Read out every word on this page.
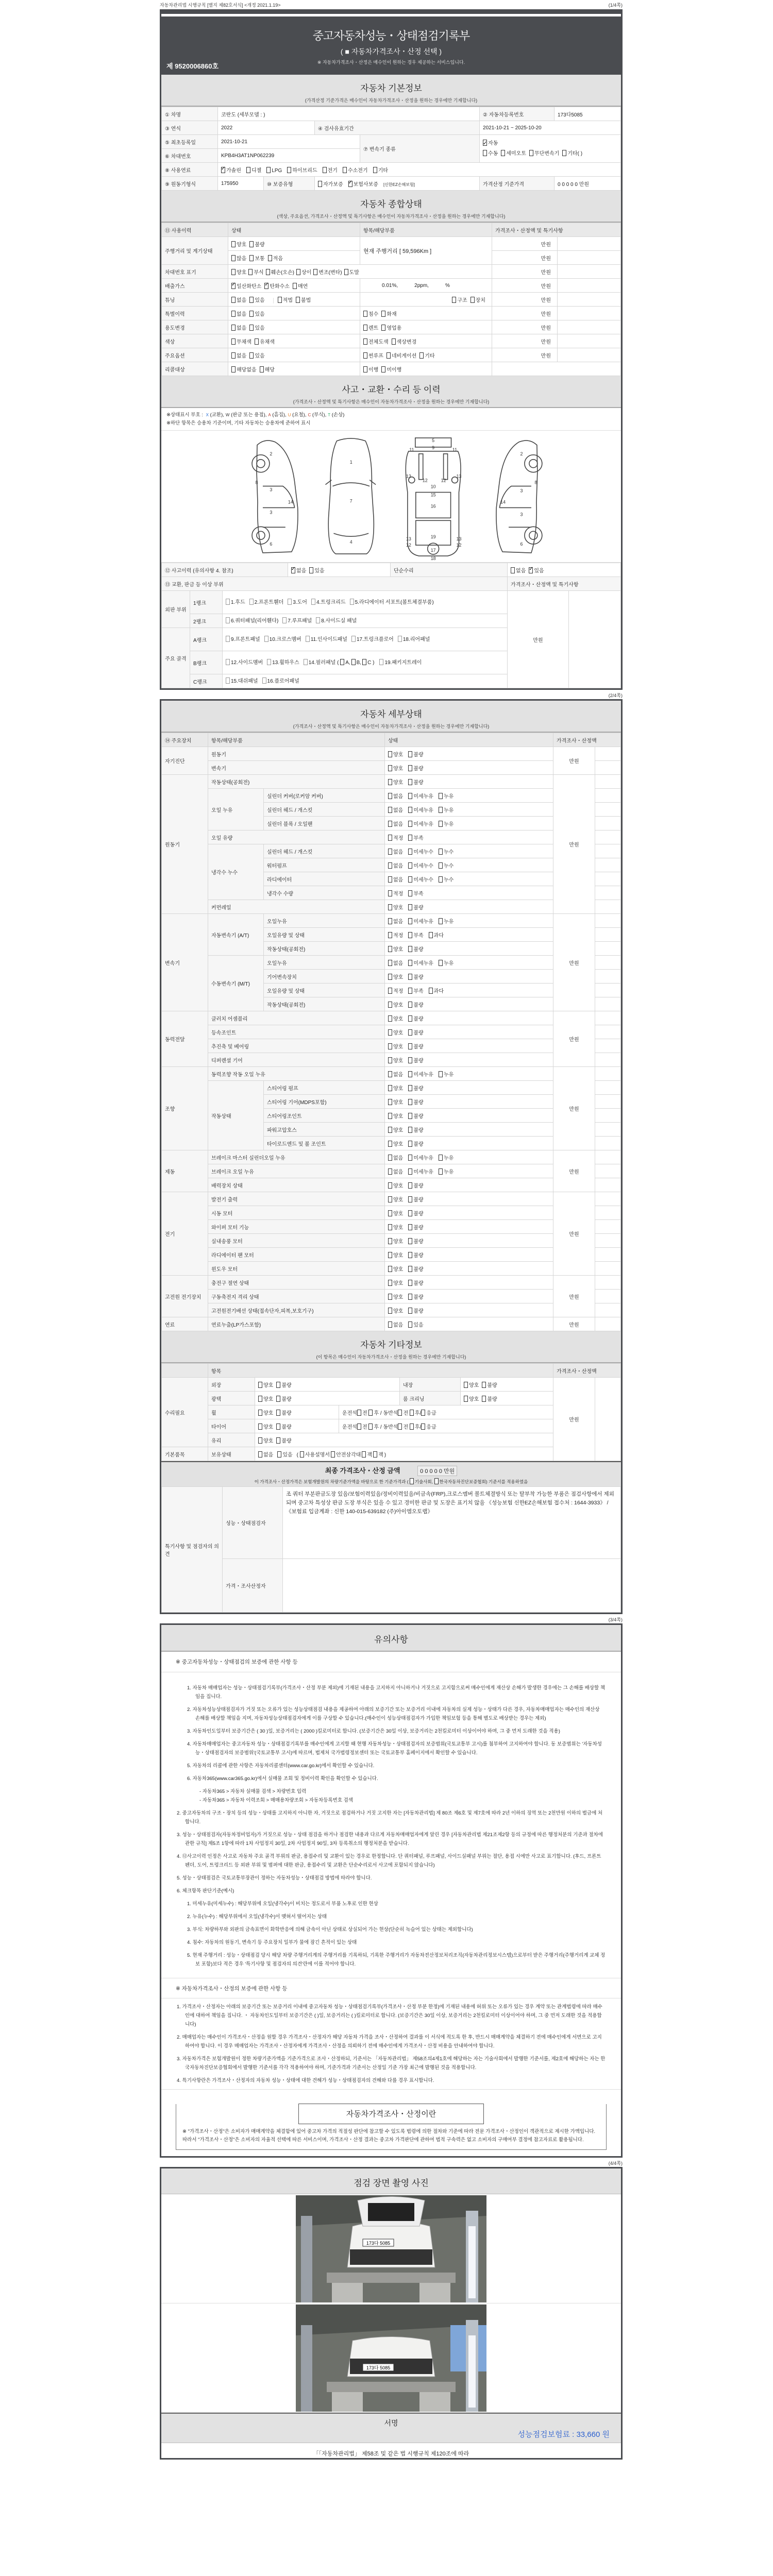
자동차관리법 시행규칙 [별지 제82호서식] <개정 2021.1.19>	(1/4쪽)
중고자동차성능・상태점검기록부
( ■ 자동차가격조사・산정 선택 )
※ 자동차가격조사・산정은 매수인이 원하는 경우 제공하는 서비스입니다.
제 9520006860호
자동차 기본정보
(가격산정 기준가격은 매수인이 자동차가격조사・산정을 원하는 경우에만 기재합니다)
① 차명	코란도 (세부모델 : )				② 자동차등록번호	173다5085
③ 연식	2022		④ 검사유효기간		2021-10-21 ~ 2025-10-20	
⑤ 최초등록일	2021-10-21			⑦ 변속기 종류	✓자동
수동 세미오토 무단변속기 기타( )
⑥ 차대번호	KPB4H3AT1NP062239					
⑧ 사용연료	✓가솔린 디젤 LPG 하이브리드 전기 수소전기 기타
⑨ 원동기형식	175950	⑩ 보증유형	자가보증 ✓ 보험사보증 [신한EZ손해보험]		가격산정 기준가격	0 0 0 0 0 만원
자동차 종합상태
(색상, 주요옵션, 가격조사・산정액 및 특기사항은 매수인이 자동차가격조사・산정을 원하는 경우에만 기재합니다)
⑪ 사용이력	상태	항목/해당부품	가격조사・산정액 및 특기사항	
주행거리 및 계기상태	양호 불량	현재 주행거리 [ 59,596Km ]	만원	
	많음 보통 적음		만원	
차대번호 표기	양호 부식 훼손(오손) 상이 변조(변타) 도말		만원	
배출가스	✓일산화탄소 ✓ 탄화수소 매연	0.01%, 2ppm, %	만원	
튜닝	없음 있음 적법 불법	구조 장치	만원	
특별이력	없음 있음	침수 화재	만원	
용도변경	없음 있음	렌트 영업용	만원	
색상	무채색 유채색	전체도색 색상변경	만원	
주요옵션	없음 있음	썬루프 네비게이션 기타	만원	
리콜대상	해당없음 해당	이행 미이행		
사고・교환・수리 등 이력
(가격조사・산정액 및 특기사항은 매수인이 자동차가격조사・산정을 원하는 경우에만 기재합니다)
※상태표시 부호 : X (교환), W (판금 또는 용접), A (흠집), U (요철), C (부식), T (손상)
※하단 항목은 승용차 기준이며, 기타 자동차는 승용차에 준하여 표시
2
8
3
3
14
6
1
7
4
5
9
11	11
13	13
12	12
10
15
16
13	13
19
12	12
17
18
2
3
8
3
14
6
⑫ 사고이력 (유의사항 4. 참조)	✓없음 있음	단순수리	없음 ✓ 있음
⑬ 교환, 판금 등 이상 부위					가격조사・산정액 및 특기사항	
외판 부위	1랭크	1.후드 2.프론트휀더 3.도어 4.트렁크리드 5.라디에이터 서포트(볼트체결부품)			만원	
	2랭크	6.쿼터패널(리어휀다) 7.루프패널 8.사이드실 패널				
주요 골격	A랭크	9.프론트패널 10.크로스멤버 11.인사이드패널 17.트렁크플로어 18.리어패널				
	B랭크	12.사이드멤버 13.휠하우스 14.필러패널 ( A, B, C ) 19.패키지트레이				
	C랭크	15.대쉬패널 16.플로어패널				
(2/4쪽)
자동차 세부상태
(가격조사・산정액 및 특기사항은 매수인이 자동차가격조사・산정을 원하는 경우에만 기재합니다)
⑭ 주요장치	항목/해당부품		상태	가격조사・산정액	
자기진단	원동기		양호 불량	만원	
	변속기		양호 불량		
원동기	작동상태(공회전)		양호 불량	만원	
	오일 누유	실린더 커버(로커암 커버)	없음 미세누유 누유		
		실린더 헤드 / 개스킷	없음 미세누유 누유		
		실린더 블록 / 오일팬	없음 미세누유 누유		
	오일 유량		적정 부족		
	냉각수 누수	실린더 헤드 / 개스킷	없음 미세누수 누수		
		워터펌프	없음 미세누수 누수		
		라디에이터	없음 미세누수 누수		
		냉각수 수량	적정 부족		
	커먼레일		양호 불량		
변속기	자동변속기 (A/T)	오일누유	없음 미세누유 누유	만원	
		오일유량 및 상태	적정 부족 과다		
		작동상태(공회전)	양호 불량		
	수동변속기 (M/T)	오일누유	없음 미세누유 누유		
		기어변속장치	양호 불량		
		오일유량 및 상태	적정 부족 과다		
		작동상태(공회전)	양호 불량		
동력전달	클러치 어셈블리		양호 불량	만원	
	등속조인트		양호 불량		
	추진축 및 베어링		양호 불량		
	디퍼렌셜 기어		양호 불량		
조향	동력조향 작동 오일 누유		없음 미세누유 누유	만원	
	작동상태	스티어링 펌프	양호 불량		
		스티어링 기어(MDPS포함)	양호 불량		
		스티어링조인트	양호 불량		
		파워고압호스	양호 불량		
		타이로드엔드 및 볼 조인트	양호 불량		
제동	브레이크 마스터 실린더오일 누유		없음 미세누유 누유	만원	
	브레이크 오일 누유		없음 미세누유 누유		
	배력장치 상태		양호 불량		
전기	발전기 출력		양호 불량	만원	
	시동 모터		양호 불량		
	와이퍼 모터 기능		양호 불량		
	실내송풍 모터		양호 불량		
	라디에이터 팬 모터		양호 불량		
	윈도우 모터		양호 불량		
고전원 전기장치	충전구 절연 상태		양호 불량	만원	
	구동축전지 격리 상태		양호 불량		
	고전원전기배선 상태(접속단자,피복,보호기구)		양호 불량		
연료	연료누출(LP가스포함)		없음 있음	만원	
자동차 기타정보
(이 항목은 매수인이 자동차가격조사・산정을 원하는 경우에만 기재합니다)
	항목					가격조사・산정액	
수리필요	외장	양호 불량		내장	양호 불량	만원	
	광택	양호 불량		룸 크리닝	양호 불량		
	휠	양호 불량	운전석 전 후 / 동반석 전 후/ 응급				
	타이어	양호 불량	운전석 전 후 / 동반석 전 후/ 응급				
	유리	양호 불량					
기본품목	보유상태	없음 있음 ( 사용설명서 안전삼각대 잭 잭 )					
최종 가격조사・산정 금액	0 0 0 0 0 만원
이 가격조사・산정가격은 보험개발원의 차량기준가액을 바탕으로 한 기준가격과 ( 기술사회, 한국자동차진단보증협회) 기준서를 적용하였음
특기사항 및 점검자의 의견	성능・상태점검자	조 쿼터 부분판금도장 있음/보험이력있음/정비이력있음/비금속(FRP),크로스멤버 볼트체결방식 또는 탈부착 가능한 부품은 점검사항에서 제외되며 중고차 특성상 판금 도장 부식은 있을 수 있고 경미한 판금 및 도장은 표기치 않음 《성능보험 신한EZ손해보험 접수처 : 1644-3933》 / 《보험료 입금계좌 : 신한 140-015-639182 (주)아이엠오토랩》
	가격・조사산정자	
(3/4쪽)
유의사항
※ 중고자동차성능・상태점검의 보증에 관한 사항 등
1. 자동차 매매업자는 성능・상태점검기록부(가격조사・산정 부분 제외)에 기재된 내용을 고지하지 아니하거나 거짓으로 고지함으로써 매수인에게 재산상 손해가 발생한 경우에는 그 손해를 배상할 책임을 집니다.
2. 자동차성능상태점검자가 거짓 또는 오류가 있는 성능상태점검 내용을 제공하여 아래의 보증기간 또는 보증거리 이내에 자동차의 실제 성능・상태가 다른 경우, 자동차매매업자는 매수인의 재산상 손해를 배상할 책임을 지며, 자동차성능상태점검자에게 이를 구상할 수 있습니다.(매수인이 성능상태점검자가 가입한 책임보험 등을 통해 별도로 배상받는 경우는 제외)
3. 자동차인도일부터 보증기간은 ( 30 )일, 보증거리는 ( 2000 )킬로미터로 합니다. (보증기간은 30일 이상, 보증거리는 2천킬로미터 이상이어야 하며, 그 중 먼저 도래한 것을 적용)
4. 자동차매매업자는 중고자동차 성능・상태점검기록부를 매수인에게 고지할 때 현행 자동차성능・상태점검자의 보증범위(국토교통부 고시)를 첨부하여 고지하여야 합니다. 동 보증범위는 '자동차성능・상태점검자의 보증범위'(국토교통부 고시)에 따르며, 법제처 국가법령정보센터 또는 국토교통부 홈페이지에서 확인할 수 있습니다.
5. 자동차의 리콜에 관한 사항은 자동차리콜센터(www.car.go.kr)에서 확인할 수 있습니다.
6. 자동차365(www.car365.go.kr)에서 실매물 조회 및 정비이력 확인을 확인할 수 있습니다.
- 자동차365 > 자동차 실매물 검색 > 차량번호 입력
- 자동차365 > 자동차 이력조회 > 매매용차량조회 > 자동차등록번호 검색
2. 중고자동차의 구조・장치 등의 성능・상태를 고지하지 아니한 자, 거짓으로 점검하거나 거짓 고지한 자는 [자동차관리법] 제 80조 제6호 및 제7호에 따라 2년 이하의 징역 또는 2천만원 이하의 벌금에 처합니다.
3. 성능・상태점검자(자동차정비업자)가 거짓으로 성능・상태 점검을 하거나 점검한 내용과 다르게 자동차매매업자에게 알린 경우 [자동차관리법 제21조제2항 등의 규정에 따른 행정처분의 기준과 절차에 관한 규칙] 제5조 1항에 따라 1차 사업정지 30일, 2차 사업정지 90일, 3차 등록취소의 행정처분을 받습니다.
4. ⑫사고이력 인정은 사고로 자동차 주요 골격 부위의 판금, 용접수리 및 교환이 있는 경우로 한정합니다. 단 쿼터패널, 루프패널, 사이드실패널 부위는 절단, 용접 시에만 사고로 표기합니다. (후드, 프론트펜더, 도어, 트렁크리드 등 외판 부위 및 범퍼에 대한 판금, 용접수리 및 교환은 단순수리로서 사고에 포함되지 않습니다)
5. 성능・상태점검은 국토교통부장관이 정하는 자동차성능・상태점검 방법에 따라야 합니다.
6. 체크항목 판단기준(예시)
1. 미세누유(미세누수) : 해당부위에 오일(냉각수)이 비치는 정도로서 부품 노후로 인한 현상
2. 누유(누수) : 해당부위에서 오일(냉각수)이 맺혀서 떨어지는 상태
3. 부식: 차량하부와 외판의 금속표면이 화학반응에 의해 금속이 아닌 상태로 상실되어 가는 현상(단순히 녹슬어 있는 상태는 제외합니다)
4. 침수: 자동차의 원동기, 변속기 등 주요장치 일부가 물에 잠긴 흔적이 있는 상태
5. 현재 주행거리 : 성능・상태점검 당시 해당 차량 주행거리계의 주행거리를 기록하되, 기록한 주행거리가 자동차전산정보처리조직(자동차관리정보시스템)으로부터 받은 주행거리(주행거리계 교체 정보 포함)보다 적은 경우 '특기사항 및 점검자의 의견'란에 이를 적어야 합니다.
※ 자동차가격조사・산정의 보증에 관한 사항 등
1. 가격조사・산정자는 아래의 보증기간 또는 보증거리 이내에 중고자동차 성능・상태점검기록부(가격조사・산정 부분 한정)에 기재된 내용에 허위 또는 오류가 있는 경우 계약 또는 관계법령에 따라 매수인에 대하여 책임을 집니다. ・ 자동차인도일부터 보증기간은 ( )일, 보증거리는 ( )킬로미터로 합니다. (보증기간은 30일 이상, 보증거리는 2천킬로미터 이상이어야 하며, 그 중 먼저 도래한 것을 적용합니다)
2. 매매업자는 매수인이 가격조사・산정을 원할 경우 가격조사・산정자가 해당 자동차 가격을 조사・산정하여 결과를 이 서식에 적도록 한 후, 반드시 매매계약을 체결하기 전에 매수인에게 서면으로 고지하여야 합니다. 이 경우 매매업자는 가격조사・산정자에게 가격조사・산정을 의뢰하기 전에 매수인에게 가격조사・산정 비용을 안내하여야 합니다.
3. 자동차가격은 보험개발원이 정한 차량기준가액을 기준가격으로 조사・산정하되, 기준서는 「자동차관리법」 제58조의4제1호에 해당하는 자는 기술사회에서 발행한 기준서를, 제2호에 해당하는 자는 한국자동차진단보증협회에서 발행한 기준서를 각각 적용하여야 하며, 기준가격과 기준서는 산정일 기준 가장 최근에 발행된 것을 적용합니다.
4. 특기사항란은 가격조사・산정자의 자동차 성능・상태에 대한 견해가 성능・상태점검자의 견해와 다를 경우 표시합니다.
자동차가격조사・산정이란

※ "가격조사・산정"은 소비자가 매매계약을 체결함에 있어 중고차 가격의 적절성 판단에 참고할 수 있도록 법령에 의한 절차와 기준에 따라 전문 가격조사・산정인이 객관적으로 제시한 가액입니다. 따라서 "가격조사・산정"은 소비자의 자율적 선택에 따른 서비스이며, 가격조사・산정 결과는 중고차 가격판단에 관하여 법적 구속력은 없고 소비자의 구매여부 결정에 참고자료로 활용됩니다.

(4/4쪽)
점검 장면 촬영 사진
173다 5085
173다 5085
서명
성능점검보험료 : 33,660 원
「「자동차관리법」 제58조 및 같은 법 시행규칙 제120조에 따라
